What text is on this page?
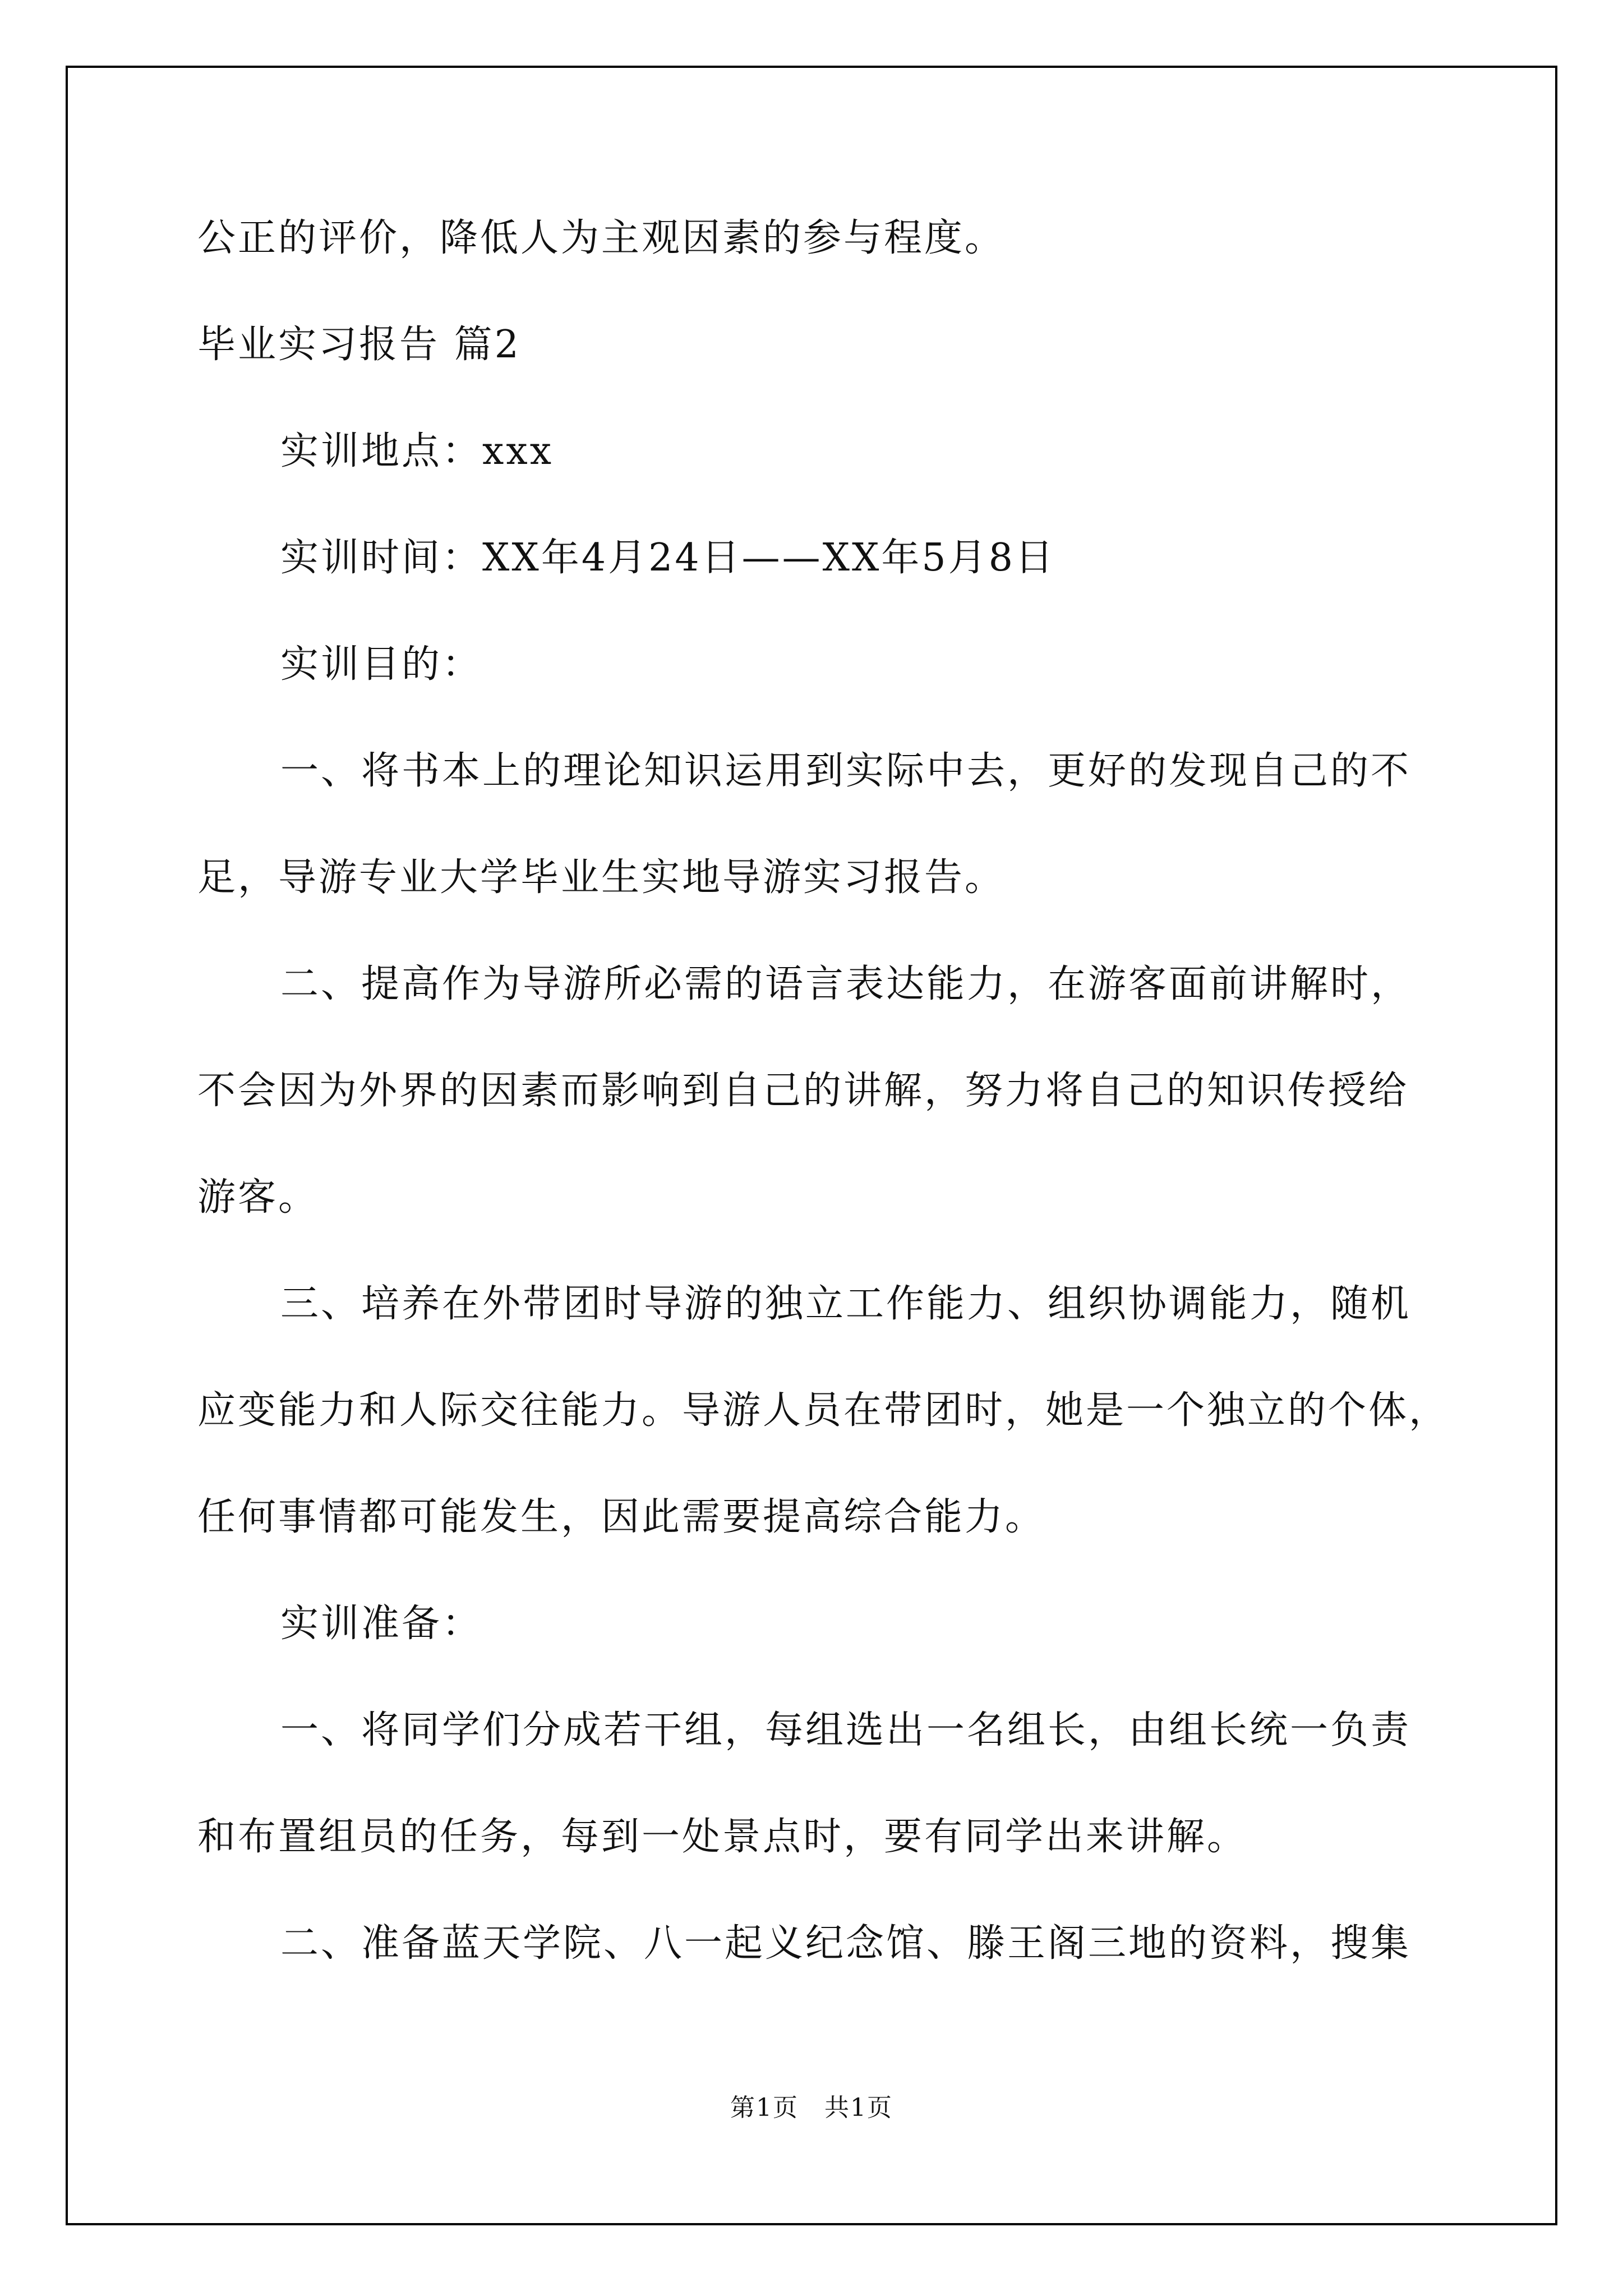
公正的评价，降低人为主观因素的参与程度。
毕业实习报告 篇2
实训地点：xxx
实训时间：XX年4月24日——XX年5月8日
实训目的：
一、将书本上的理论知识运用到实际中去，更好的发现自己的不
足，导游专业大学毕业生实地导游实习报告。
二、提高作为导游所必需的语言表达能力，在游客面前讲解时，
不会因为外界的因素而影响到自己的讲解，努力将自己的知识传授给
游客。
三、培养在外带团时导游的独立工作能力、组织协调能力，随机
应变能力和人际交往能力。导游人员在带团时，她是一个独立的个体，
任何事情都可能发生，因此需要提高综合能力。
实训准备：
一、将同学们分成若干组，每组选出一名组长，由组长统一负责
和布置组员的任务，每到一处景点时，要有同学出来讲解。
二、准备蓝天学院、八一起义纪念馆、滕王阁三地的资料，搜集
第1页　共1页
